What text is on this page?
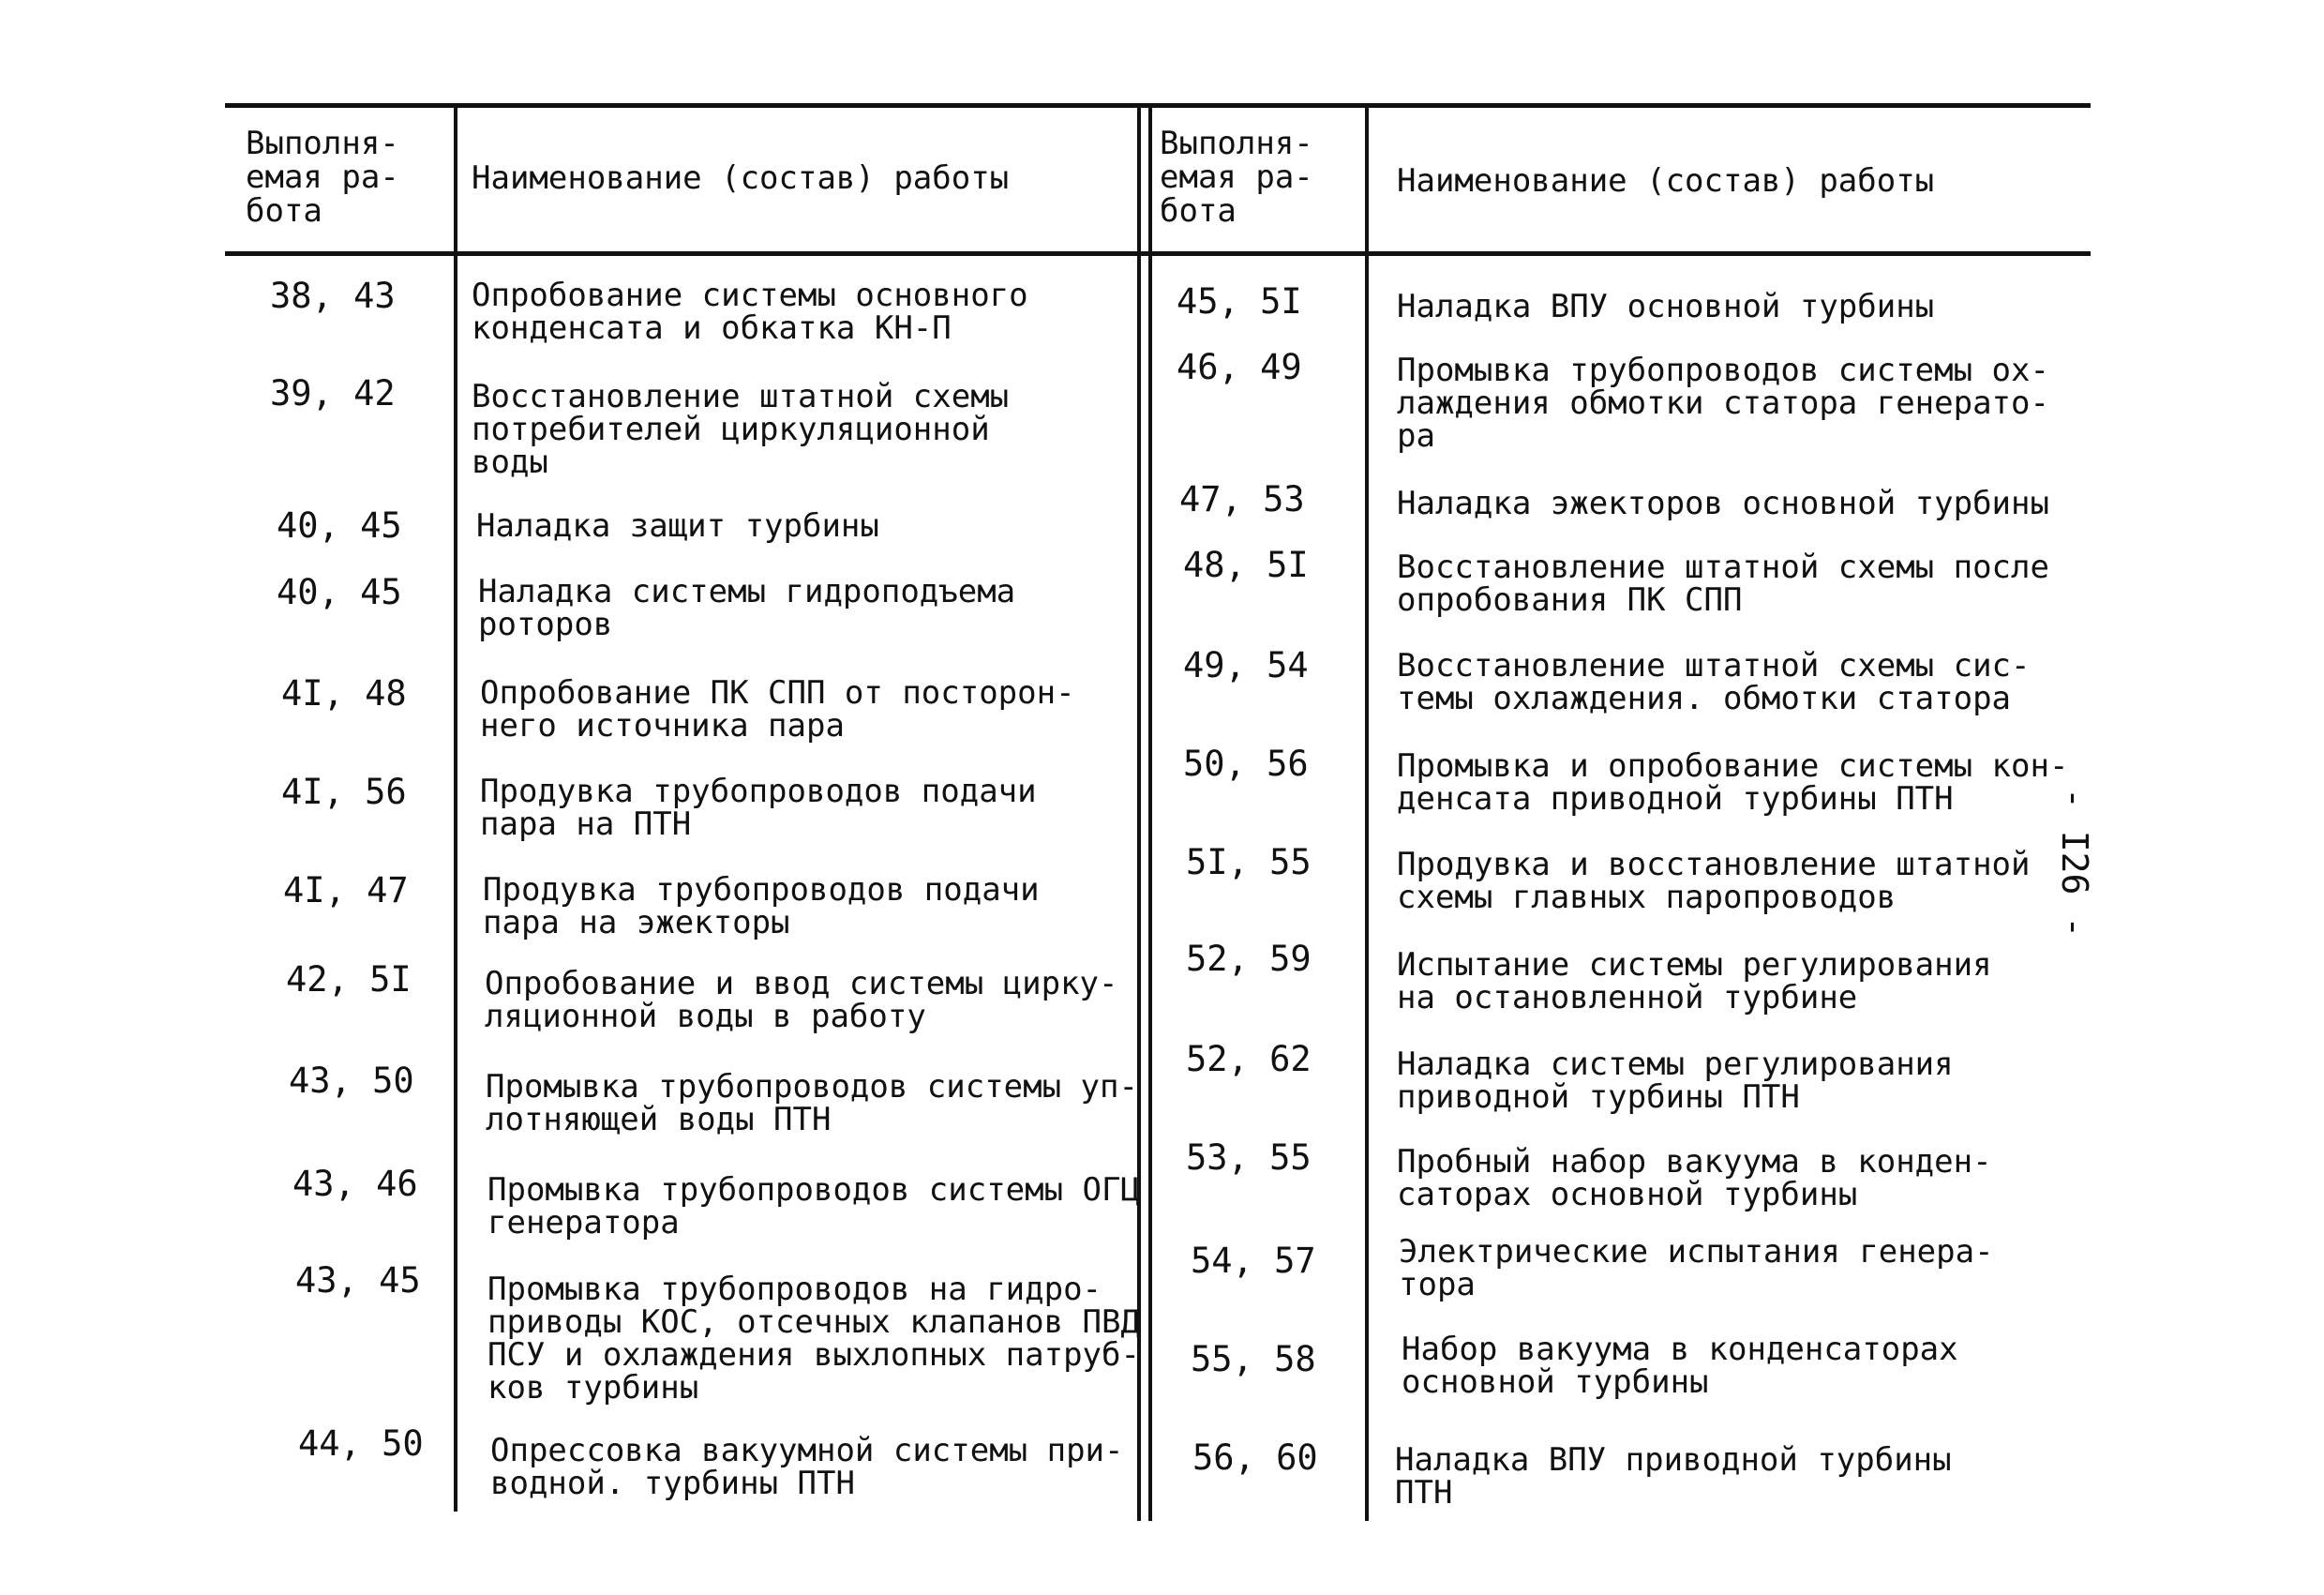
Выполня-
емая ра-
бота
Наименование (состав) работы
Выполня-
емая ра-
бота
Наименование (состав) работы
38, 43 Опробование системы основного
конденсата и обкатка КН-П
39, 42 Восстановление штатной схемы
потребителей циркуляционной
воды
40, 45 Наладка защит турбины
40, 45 Наладка системы гидроподъема
роторов
4I, 48 Опробование ПК СПП от посторон-
него источника пара
4I, 56 Продувка трубопроводов подачи
пара на ПТН
4I, 47 Продувка трубопроводов подачи
пара на эжекторы
42, 5I Опробование и ввод системы цирку-
ляционной воды в работу
43, 50 Промывка трубопроводов системы уп-
лотняющей воды ПТН
43, 46 Промывка трубопроводов системы ОГЦ
генератора
43, 45 Промывка трубопроводов на гидро-
приводы КОС, отсечных клапанов ПВД
ПСУ и охлаждения выхлопных патруб-
ков турбины
44, 50 Опрессовка вакуумной системы при-
водной. турбины ПТН
45, 5I	Наладка ВПУ основной турбины
46, 49	Промывка трубопроводов системы ох-
лаждения обмотки статора генерато-
ра
47, 53	Наладка эжекторов основной турбины
48, 5I	Восстановление штатной схемы после
опробования ПК СПП
49, 54	Восстановление штатной схемы сис-
темы охлаждения. обмотки статора
50, 56	Промывка и опробование системы кон-
денсата приводной турбины ПТН
5I, 55	Продувка и восстановление штатной
схемы главных паропроводов
52, 59	Испытание системы регулирования
на остановленной турбине
52, 62	Наладка системы регулирования
приводной турбины ПТН
53, 55	Пробный набор вакуума в конден-
саторах основной турбины
54, 57	Электрические испытания генера-
тора
55, 58	Набор вакуума в конденсаторах
основной турбины
56, 60 Наладка ВПУ приводной турбины
ПТН
- I26 -
